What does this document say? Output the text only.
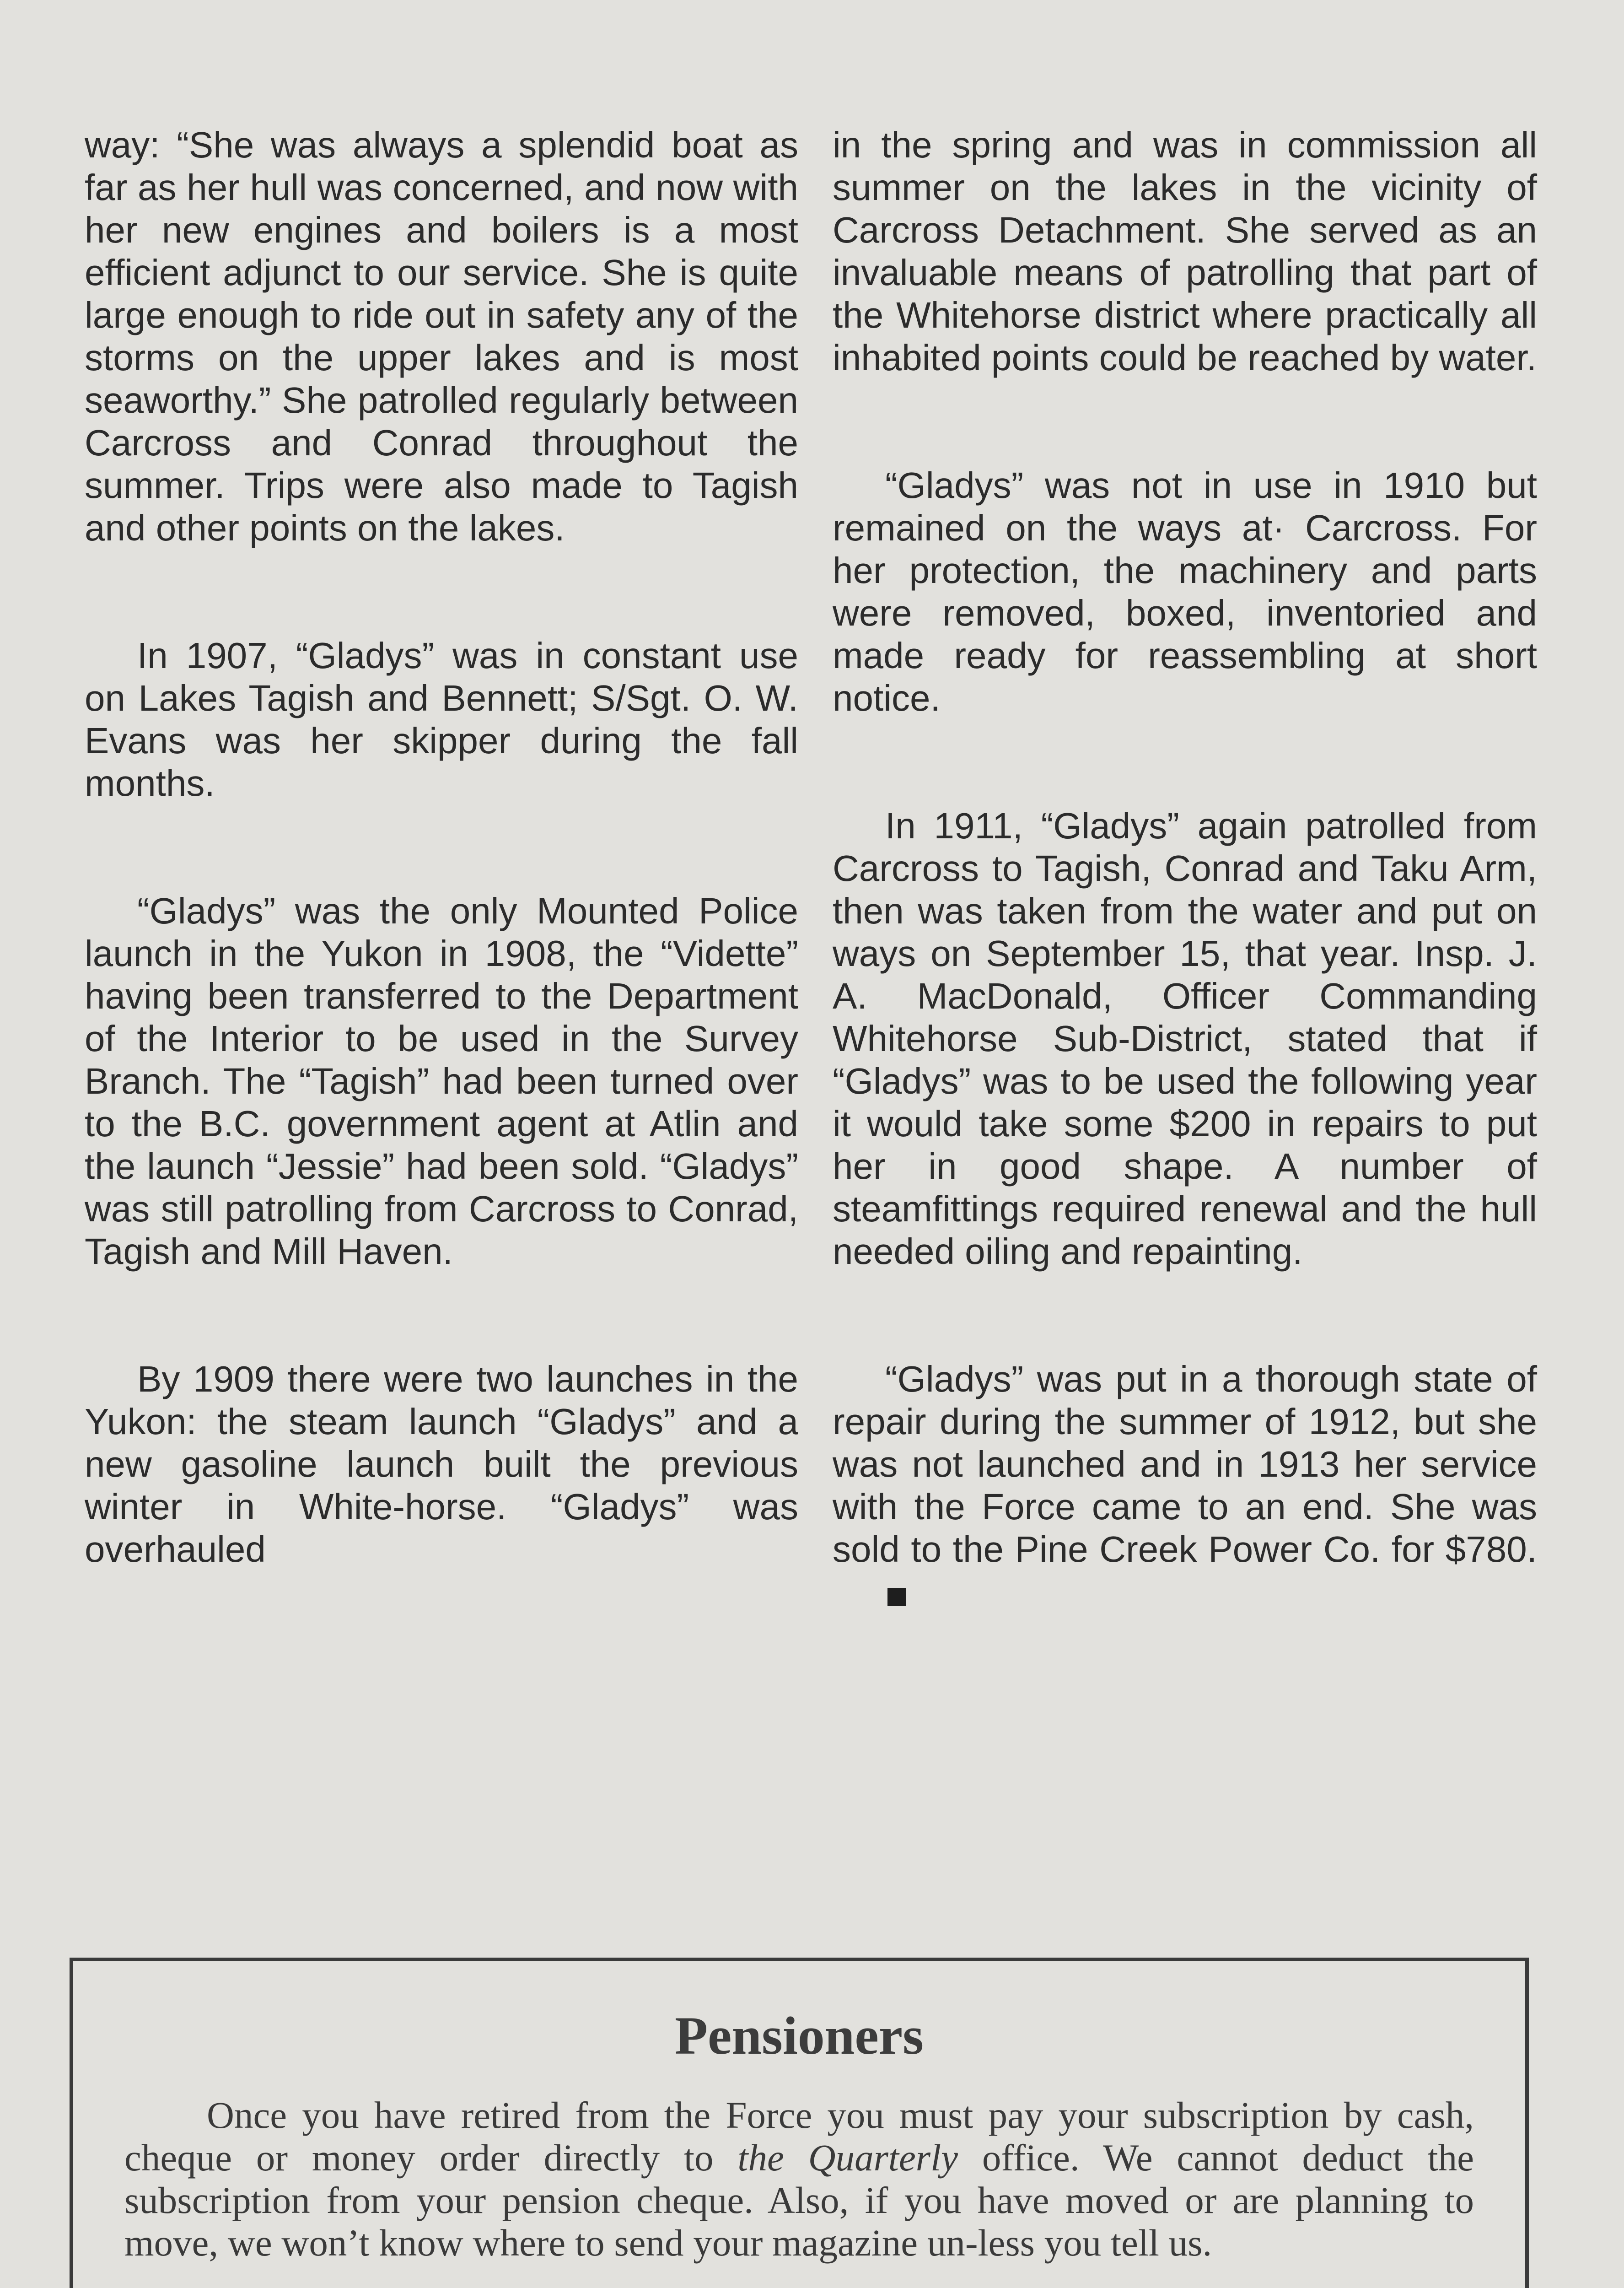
way: “She was always a splendid boat as far as her hull was concerned, and now with her new engines and boilers is a most efficient adjunct to our service. She is quite large enough to ride out in safety any of the storms on the upper lakes and is most seaworthy.” She patrolled regularly between Carcross and Conrad throughout the summer. Trips were also made to Tagish and other points on the lakes.

In 1907, “Gladys” was in constant use on Lakes Tagish and Bennett; S/Sgt. O. W. Evans was her skipper during the fall months.

“Gladys” was the only Mounted Police launch in the Yukon in 1908, the “Vidette” having been transferred to the Department of the Interior to be used in the Survey Branch. The “Tagish” had been turned over to the B.C. government agent at Atlin and the launch “Jessie” had been sold. “Gladys” was still patrolling from Carcross to Conrad, Tagish and Mill Haven.

By 1909 there were two launches in the Yukon: the steam launch “Gladys” and a new gasoline launch built the previous winter in White-horse. “Gladys” was overhauled

in the spring and was in commission all summer on the lakes in the vicinity of Carcross Detachment. She served as an invaluable means of patrolling that part of the Whitehorse district where practically all inhabited points could be reached by water.

“Gladys” was not in use in 1910 but remained on the ways at· Carcross. For her protection, the machinery and parts were removed, boxed, inventoried and made ready for reassembling at short notice.

In 1911, “Gladys” again patrolled from Carcross to Tagish, Conrad and Taku Arm, then was taken from the water and put on ways on September 15, that year. Insp. J. A. MacDonald, Officer Commanding Whitehorse Sub-District, stated that if “Gladys” was to be used the following year it would take some $200 in repairs to put her in good shape. A number of steamfittings required renewal and the hull needed oiling and repainting.

“Gladys” was put in a thorough state of repair during the summer of 1912, but she was not launched and in 1913 her service with the Force came to an end. She was sold to the Pine Creek Power Co. for $780.

Pensioners
Once you have retired from the Force you must pay your subscription by cash, cheque or money order directly to the Quarterly office. We cannot deduct the subscription from your pension cheque. Also, if you have moved or are planning to move, we won’t know where to send your magazine un-less you tell us.
